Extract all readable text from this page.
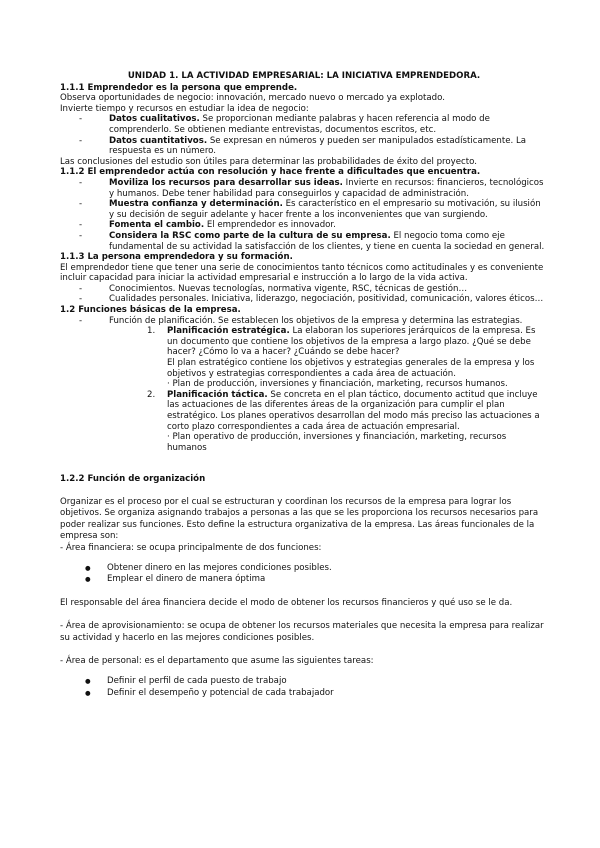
UNIDAD 1. LA ACTIVIDAD EMPRESARIAL: LA INICIATIVA EMPRENDEDORA.

1.1.1 Emprendedor es la persona que emprende.

Observa oportunidades de negocio: innovación, mercado nuevo o mercado ya explotado.

Invierte tiempo y recursos en estudiar la idea de negocio:

- Datos cualitativos. Se proporcionan mediante palabras y hacen referencia al modo de comprenderlo. Se obtienen mediante entrevistas, documentos escritos, etc.

- Datos cuantitativos. Se expresan en números y pueden ser manipulados estadísticamente. La respuesta es un número.

Las conclusiones del estudio son útiles para determinar las probabilidades de éxito del proyecto.

1.1.2 El emprendedor actúa con resolución y hace frente a dificultades que encuentra.

- Moviliza los recursos para desarrollar sus ideas. Invierte en recursos: financieros, tecnológicos y humanos. Debe tener habilidad para conseguirlos y capacidad de administración.

- Muestra confianza y determinación. Es característico en el empresario su motivación, su ilusión y su decisión de seguir adelante y hacer frente a los inconvenientes que van surgiendo.

- Fomenta el cambio. El emprendedor es innovador.

- Considera la RSC como parte de la cultura de su empresa. El negocio toma como eje fundamental de su actividad la satisfacción de los clientes, y tiene en cuenta la sociedad en general.

1.1.3 La persona emprendedora y su formación.

El emprendedor tiene que tener una serie de conocimientos tanto técnicos como actitudinales y es conveniente incluir capacidad para iniciar la actividad empresarial e instrucción a lo largo de la vida activa.

- Conocimientos. Nuevas tecnologías, normativa vigente, RSC, técnicas de gestión…

- Cualidades personales. Iniciativa, liderazgo, negociación, positividad, comunicación, valores éticos…

1.2 Funciones básicas de la empresa.

- Función de planificación. Se establecen los objetivos de la empresa y determina las estrategias.

1. Planificación estratégica. La elaboran los superiores jerárquicos de la empresa. Es un documento que contiene los objetivos de la empresa a largo plazo. ¿Qué se debe hacer? ¿Cómo lo va a hacer? ¿Cuándo se debe hacer?

El plan estratégico contiene los objetivos y estrategias generales de la empresa y los objetivos y estrategias correspondientes a cada área de actuación.

· Plan de producción, inversiones y financiación, marketing, recursos humanos.

2. Planificación táctica. Se concreta en el plan táctico, documento actitud que incluye las actuaciones de las diferentes áreas de la organización para cumplir el plan estratégico. Los planes operativos desarrollan del modo más preciso las actuaciones a corto plazo correspondientes a cada área de actuación empresarial.

· Plan operativo de producción, inversiones y financiación, marketing, recursos humanos

1.2.2 Función de organización

Organizar es el proceso por el cual se estructuran y coordinan los recursos de la empresa para lograr los objetivos. Se organiza asignando trabajos a personas a las que se les proporciona los recursos necesarios para poder realizar sus funciones. Esto define la estructura organizativa de la empresa. Las áreas funcionales de la empresa son:

- Área financiera: se ocupa principalmente de dos funciones:

● Obtener dinero en las mejores condiciones posibles.

● Emplear el dinero de manera óptima

El responsable del área financiera decide el modo de obtener los recursos financieros y qué uso se le da.

- Área de aprovisionamiento: se ocupa de obtener los recursos materiales que necesita la empresa para realizar su actividad y hacerlo en las mejores condiciones posibles.

- Área de personal: es el departamento que asume las siguientes tareas:

● Definir el perfil de cada puesto de trabajo

● Definir el desempeño y potencial de cada trabajador
